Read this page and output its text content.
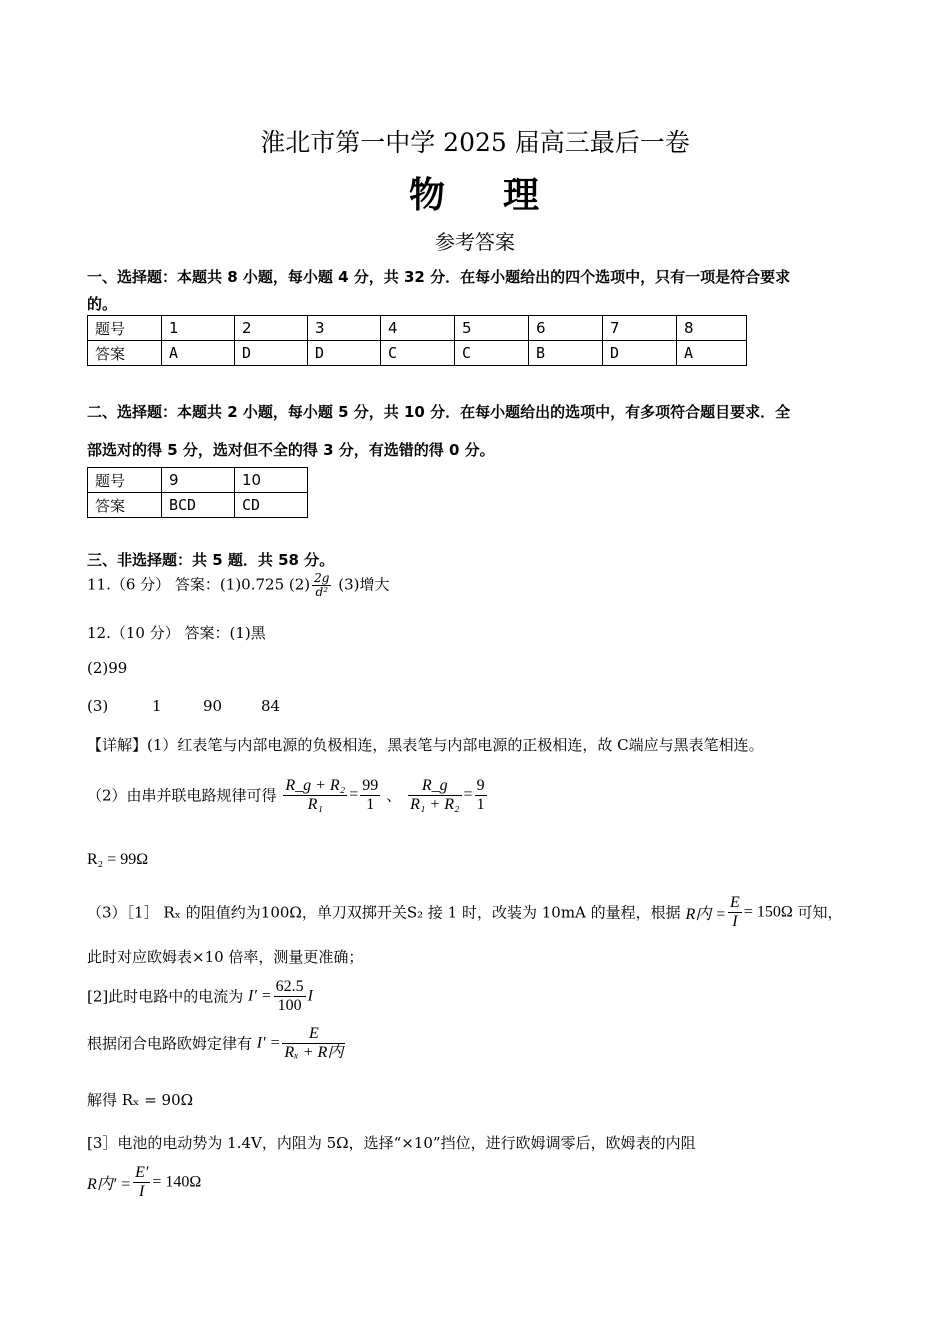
淮北市第一中学 2025 届高三最后一卷
物 理
参考答案
一、选择题：本题共 8 小题，每小题 4 分，共 32 分．在每小题给出的四个选项中，只有一项是符合要求
的。
题号	1	2	3	4	5	6	7	8
答案	A	D	D	C	C	B	D	A
二、选择题：本题共 2 小题，每小题 5 分，共 10 分．在每小题给出的选项中，有多项符合题目要求．全
部选对的得 5 分，选对但不全的得 3 分，有选错的得 0 分。
题号	9	10
答案	BCD	CD
三、非选择题：共 5 题．共 58 分。
11.（6 分） 答案：(1)0.725 $(2) \frac{2g}{\text{d²}} (3)$增大
12.（10 分） 答案：(1)黑
(2)99
(3)	1	90	84
【详解】(1）红表笔与内部电源的负极相连，黑表笔与内部电源的正极相连，故 C端应与黑表笔相连。
（2）由串并联电路规律可得 $\frac{\text{R\_g + R₂}}{\text{R₁}} = \frac{99}{1}$ 、 $\frac{R\_g}{\text{R₁ + R₂}} = \frac{9}{1}$
R₂ = 99Ω
（3）［1］ Rₓ 的阻值约为100Ω，单刀双掷开关S₂ 接 1 时，改装为 10mA 的量程，根据 R内 = $\frac{E}{I} = 150\Omega$ 可知，
此时对应欧姆表×10 倍率，测量更准确；
[2]此时电路中的电流为 $I' = \frac{62.5}{100}$ I
根据闭合电路欧姆定律有 $I' = \frac{E}{\text{Rₓ + R内}}$
解得 Rₓ = 90Ω
[3］电池的电动势为 1.4V，内阻为 5Ω，选择“×10”挡位，进行欧姆调零后，欧姆表的内阻
R内′ = $\frac{E'}{I} = 140\Omega$
